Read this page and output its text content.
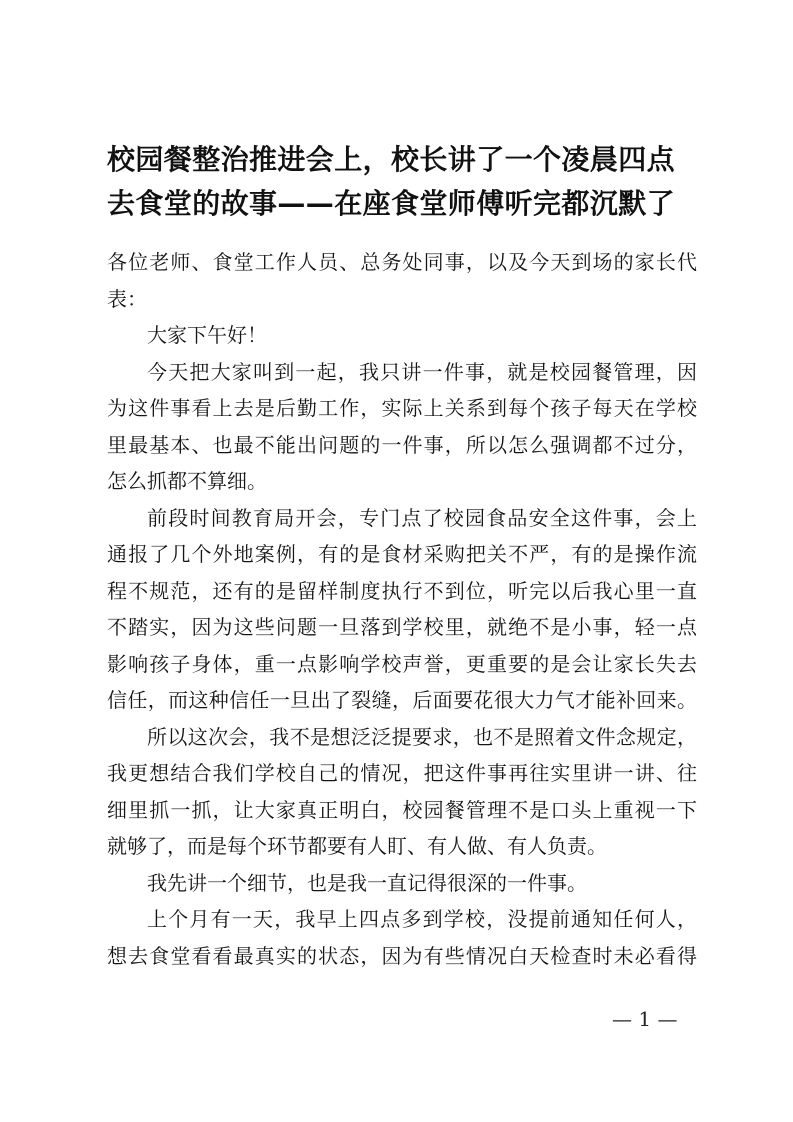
校园餐整治推进会上，校长讲了一个凌晨四点
去食堂的故事——在座食堂师傅听完都沉默了

各位老师、食堂工作人员、总务处同事，以及今天到场的家长代
表：

大家下午好！

今天把大家叫到一起，我只讲一件事，就是校园餐管理，因
为这件事看上去是后勤工作，实际上关系到每个孩子每天在学校
里最基本、也最不能出问题的一件事，所以怎么强调都不过分，
怎么抓都不算细。

前段时间教育局开会，专门点了校园食品安全这件事，会上
通报了几个外地案例，有的是食材采购把关不严，有的是操作流
程不规范，还有的是留样制度执行不到位，听完以后我心里一直
不踏实，因为这些问题一旦落到学校里，就绝不是小事，轻一点
影响孩子身体，重一点影响学校声誉，更重要的是会让家长失去
信任，而这种信任一旦出了裂缝，后面要花很大力气才能补回来。

所以这次会，我不是想泛泛提要求，也不是照着文件念规定，
我更想结合我们学校自己的情况，把这件事再往实里讲一讲、往
细里抓一抓，让大家真正明白，校园餐管理不是口头上重视一下
就够了，而是每个环节都要有人盯、有人做、有人负责。

我先讲一个细节，也是我一直记得很深的一件事。

上个月有一天，我早上四点多到学校，没提前通知任何人，
想去食堂看看最真实的状态，因为有些情况白天检查时未必看得

— 1 —
